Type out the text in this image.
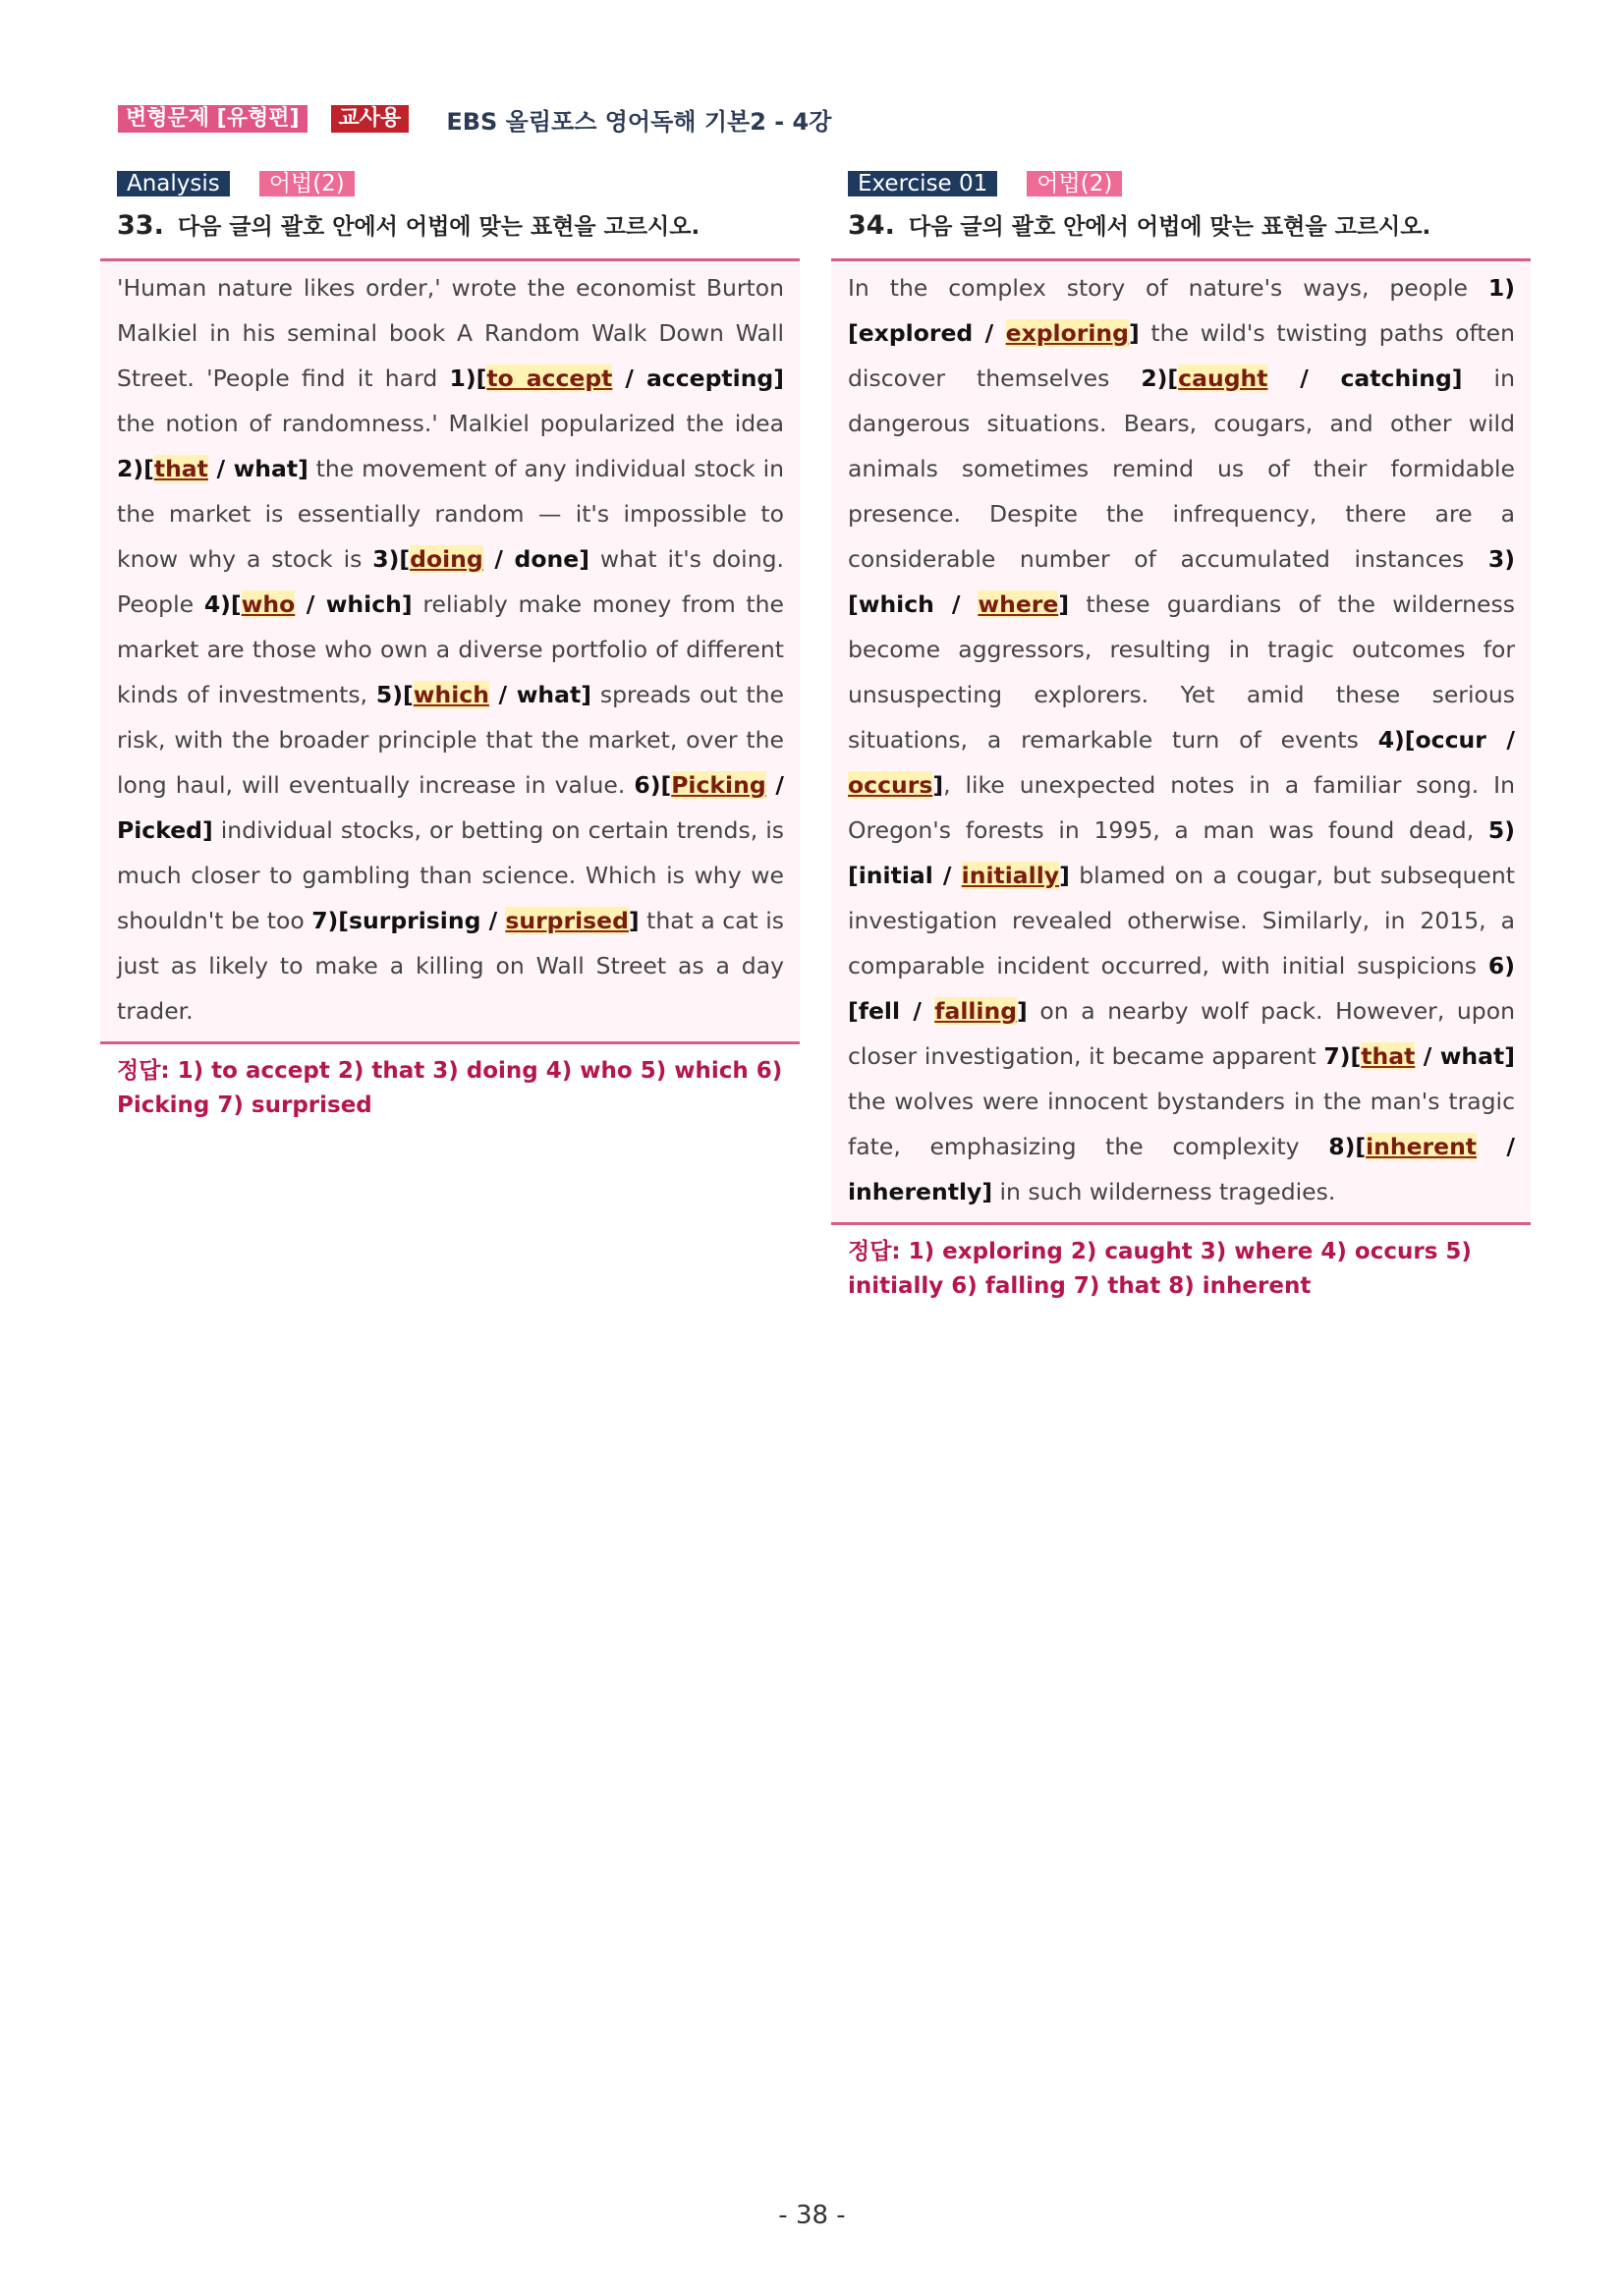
변형문제 [유형편]	교사용	EBS 올림포스 영어독해 기본2 - 4강
Analysis	어법(2)
33. 다음 글의 괄호 안에서 어법에 맞는 표현을 고르시오.
'Human nature likes order,' wrote the economist Burton Malkiel in his seminal book A Random Walk Down Wall Street. 'People find it hard 1)[to accept / accepting] the notion of randomness.' Malkiel popularized the idea 2)[that / what] the movement of any individual stock in the market is essentially random — it's impossible to know why a stock is 3)[doing / done] what it's doing. People 4)[who / which] reliably make money from the market are those who own a diverse portfolio of different kinds of investments, 5)[which / what] spreads out the risk, with the broader principle that the market, over the long haul, will eventually increase in value. 6)[Picking / Picked] individual stocks, or betting on certain trends, is much closer to gambling than science. Which is why we shouldn't be too 7)[surprising / surprised] that a cat is just as likely to make a killing on Wall Street as a day trader.
정답: 1) to accept 2) that 3) doing 4) who 5) which 6) Picking 7) surprised
Exercise 01	어법(2)
34. 다음 글의 괄호 안에서 어법에 맞는 표현을 고르시오.
In the complex story of nature's ways, people 1)[explored / exploring] the wild's twisting paths often discover themselves 2)[caught / catching] in dangerous situations. Bears, cougars, and other wild animals sometimes remind us of their formidable presence. Despite the infrequency, there are a considerable number of accumulated instances 3)[which / where] these guardians of the wilderness become aggressors, resulting in tragic outcomes for unsuspecting explorers. Yet amid these serious situations, a remarkable turn of events 4)[occur / occurs], like unexpected notes in a familiar song. In Oregon's forests in 1995, a man was found dead, 5)[initial / initially] blamed on a cougar, but subsequent investigation revealed otherwise. Similarly, in 2015, a comparable incident occurred, with initial suspicions 6)[fell / falling] on a nearby wolf pack. However, upon closer investigation, it became apparent 7)[that / what] the wolves were innocent bystanders in the man's tragic fate, emphasizing the complexity 8)[inherent / inherently] in such wilderness tragedies.
정답: 1) exploring 2) caught 3) where 4) occurs 5) initially 6) falling 7) that 8) inherent
- 38 -
